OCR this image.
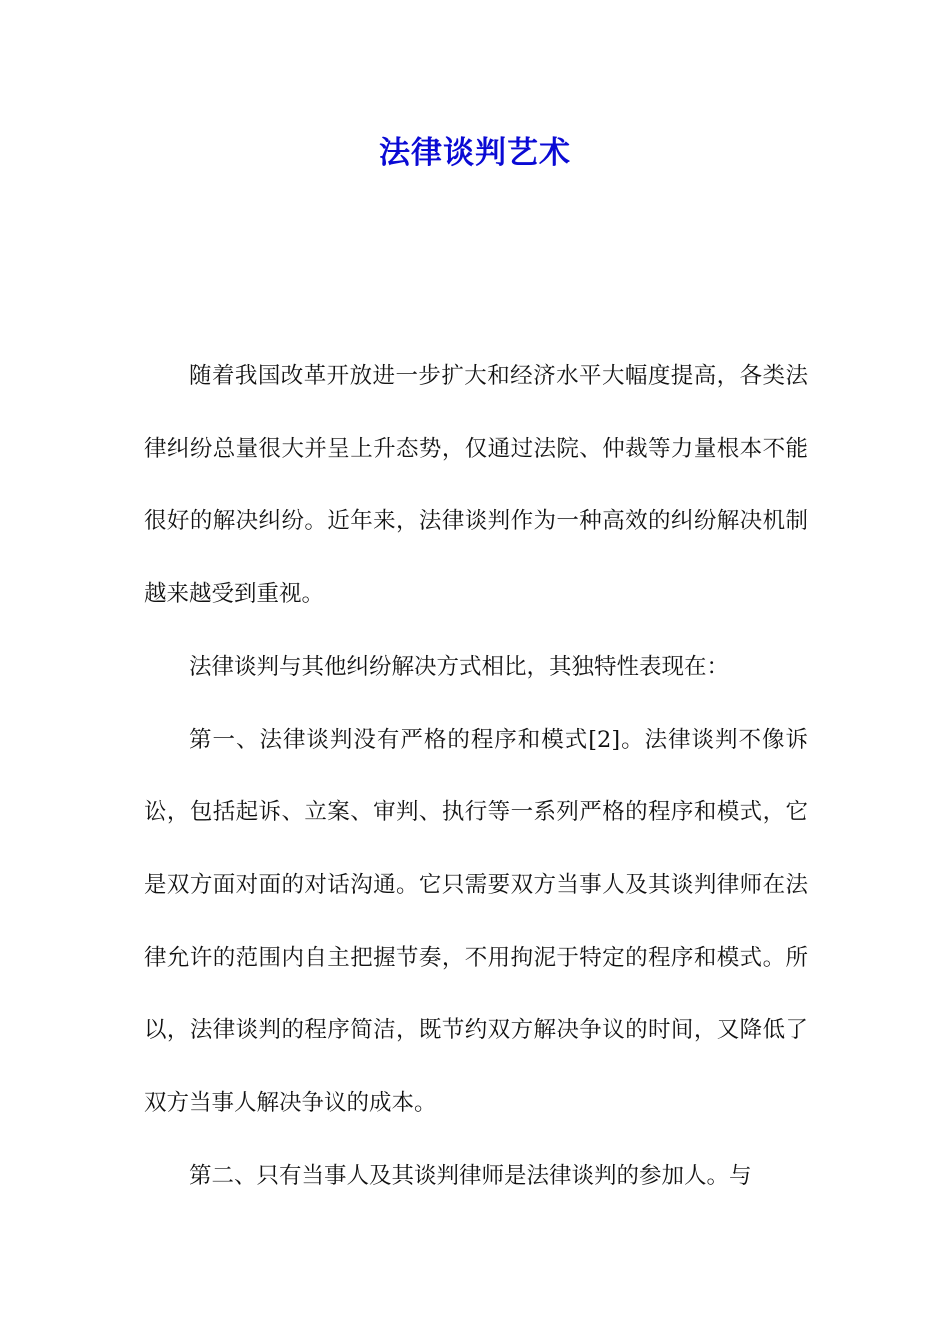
法律谈判艺术

随着我国改革开放进一步扩大和经济水平大幅度提高，各类法律纠纷总量很大并呈上升态势，仅通过法院、仲裁等力量根本不能很好的解决纠纷。近年来，法律谈判作为一种高效的纠纷解决机制越来越受到重视。

法律谈判与其他纠纷解决方式相比，其独特性表现在：

第一、法律谈判没有严格的程序和模式[2]。法律谈判不像诉讼，包括起诉、立案、审判、执行等一系列严格的程序和模式，它是双方面对面的对话沟通。它只需要双方当事人及其谈判律师在法律允许的范围内自主把握节奏，不用拘泥于特定的程序和模式。所以，法律谈判的程序简洁，既节约双方解决争议的时间，又降低了双方当事人解决争议的成本。

第二、只有当事人及其谈判律师是法律谈判的参加人。与
